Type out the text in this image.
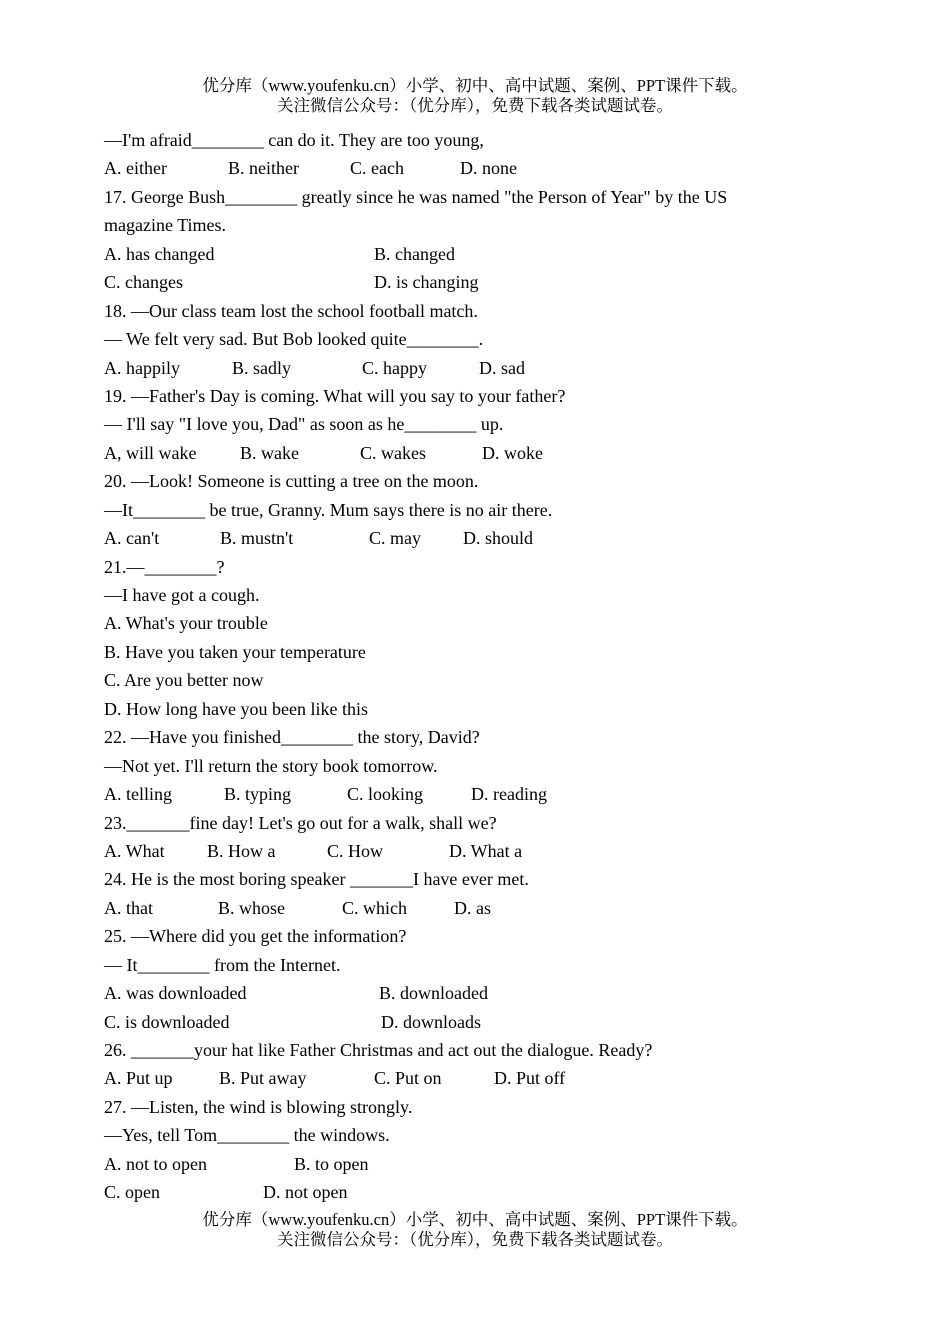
优分库（www.youfenku.cn）小学、初中、高中试题、案例、PPT课件下载。
关注微信公众号：（优分库），免费下载各类试题试卷。
—I'm afraid________ can do it. They are too young,
A. either	B. neither	C. each	D. none
17. George Bush________ greatly since he was named "the Person of Year" by the US
magazine Times.
A. has changed	B. changed
C. changes	D. is changing
18. —Our class team lost the school football match.
— We felt very sad. But Bob looked quite________.
A. happily	B. sadly	C. happy	D. sad
19. —Father's Day is coming. What will you say to your father?
— I'll say "I love you, Dad" as soon as he________ up.
A, will wake B. wake	C. wakes	D. woke
20. —Look! Someone is cutting a tree on the moon.
—It________ be true, Granny. Mum says there is no air there.
A. can't	B. mustn't	C. may D. should
21.—________?
—I have got a cough.
A. What's your trouble
B. Have you taken your temperature
C. Are you better now
D. How long have you been like this
22. —Have you finished________ the story, David?
—Not yet. I'll return the story book tomorrow.
A. telling	B. typing	C. looking	D. reading
23._______fine day! Let's go out for a walk, shall we?
A. What B. How a	C. How	D. What a
24. He is the most boring speaker _______I have ever met.
A. that	B. whose	C. which	D. as
25. —Where did you get the information?
— It________ from the Internet.
A. was downloaded	B. downloaded
C. is downloaded	D. downloads
26. _______your hat like Father Christmas and act out the dialogue. Ready?
A. Put up	B. Put away	C. Put on	D. Put off
27. —Listen, the wind is blowing strongly.
—Yes, tell Tom________ the windows.
A. not to open	B. to open
C. open	D. not open
优分库（www.youfenku.cn）小学、初中、高中试题、案例、PPT课件下载。
关注微信公众号：（优分库），免费下载各类试题试卷。
